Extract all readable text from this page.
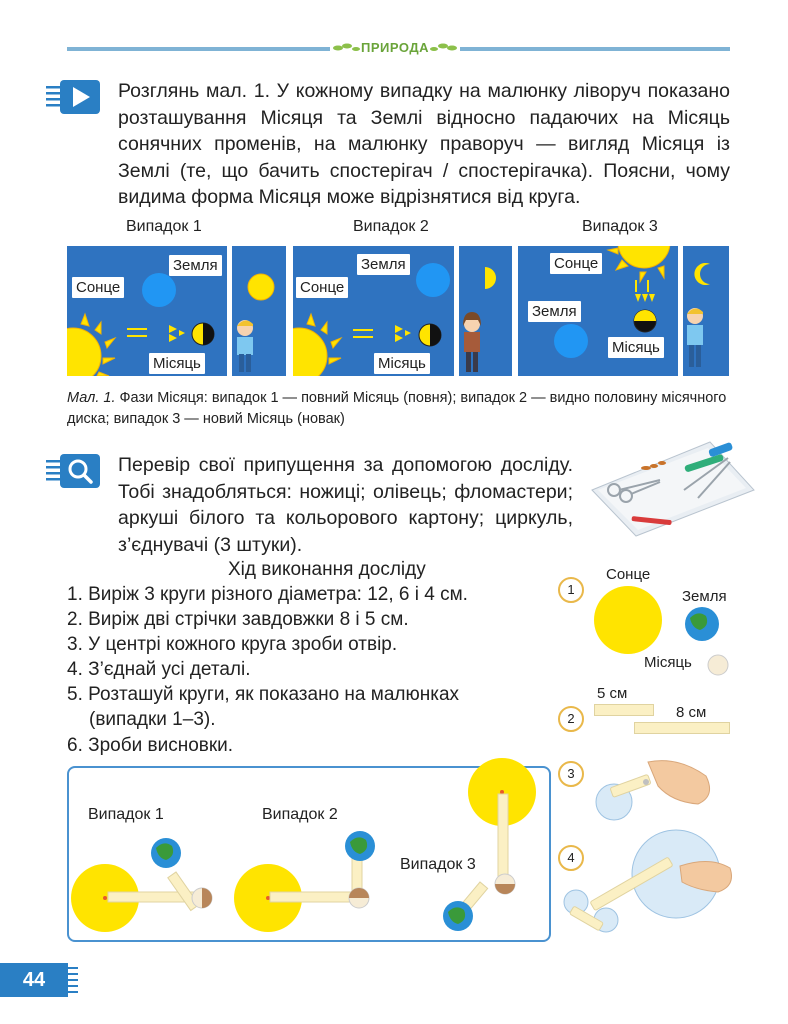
ПРИРОДА
Розглянь мал. 1. У кожному випадку на малюнку ліворуч показано розташування Місяця та Землі відносно падаючих на Місяць сонячних променів, на малюнку праворуч — вигляд Місяця із Землі (те, що бачить спостерігач / спостерігачка). Поясни, чому видима форма Місяця може відрізнятися від круга.
Випадок 1	Випадок 2	Випадок 3
Сонце
Земля
Місяць
Сонце
Земля
Місяць
Сонце
Земля
Місяць
Мал. 1. Фази Місяця: випадок 1 — повний Місяць (повня); випадок 2 — видно половину місячного диска; випадок 3 — новий Місяць (новак)
Перевір свої припущення за допомогою досліду. Тобі знадобляться: ножиці; олівець; фломастери; аркуші білого та кольорового картону; циркуль, з’єднувачі (3 штуки).
Хід виконання досліду
1. Виріж 3 круги різного діаметра: 12, 6 і 4 см.
2. Виріж дві стрічки завдовжки 8 і 5 см.
3. У центрі кожного круга зроби отвір.
4. З’єднай усі деталі.
5. Розташуй круги, як показано на малюнках
(випадки 1–3).
6. Зроби висновки.
1
Сонце
Земля
Місяць
2
5 см
8 см
3
4
Випадок 1	Випадок 2
Випадок 3
44
